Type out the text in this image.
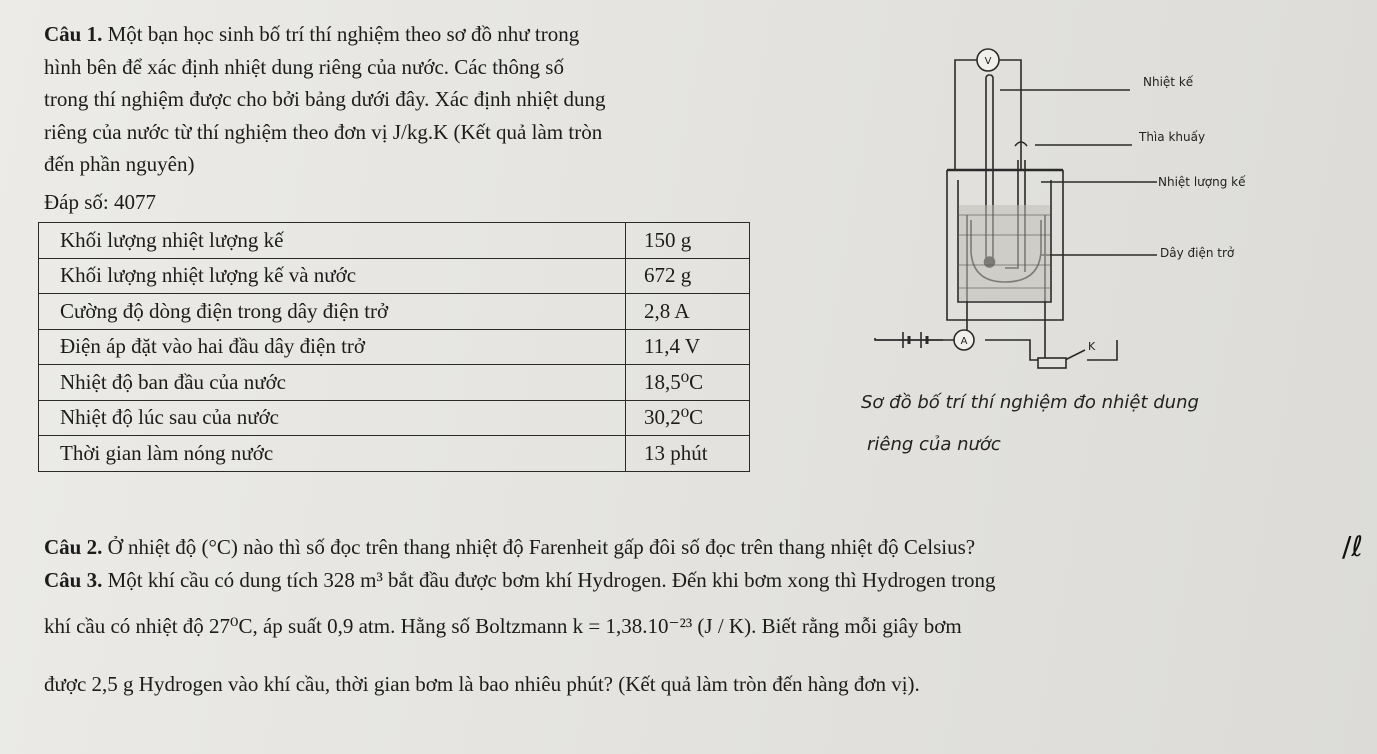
Câu 1. Một bạn học sinh bố trí thí nghiệm theo sơ đồ như trong

hình bên để xác định nhiệt dung riêng của nước. Các thông số

trong thí nghiệm được cho bởi bảng dưới đây. Xác định nhiệt dung

riêng của nước từ thí nghiệm theo đơn vị J/kg.K (Kết quả làm tròn

đến phần nguyên)

Đáp số: 4077
Khối lượng nhiệt lượng kế	150 g
Khối lượng nhiệt lượng kế và nước	672 g
Cường độ dòng điện trong dây điện trở	2,8 A
Điện áp đặt vào hai đầu dây điện trở	11,4 V
Nhiệt độ ban đầu của nước	18,5⁰C
Nhiệt độ lúc sau của nước	30,2⁰C
Thời gian làm nóng nước	13 phút
V
A	K
Nhiệt kế
Thìa khuấy
Nhiệt lượng kế
Dây điện trở
Sơ đồ bố trí thí nghiệm đo nhiệt dung
riêng của nước
Câu 2. Ở nhiệt độ (°C) nào thì số đọc trên thang nhiệt độ Farenheit gấp đôi số đọc trên thang nhiệt độ Celsius?
Câu 3. Một khí cầu có dung tích 328 m³ bắt đầu được bơm khí Hydrogen. Đến khi bơm xong thì Hydrogen trong
khí cầu có nhiệt độ 27⁰C, áp suất 0,9 atm. Hằng số Boltzmann k = 1,38.10⁻²³ (J / K). Biết rằng mỗi giây bơm
được 2,5 g Hydrogen vào khí cầu, thời gian bơm là bao nhiêu phút? (Kết quả làm tròn đến hàng đơn vị).
/ℓ
